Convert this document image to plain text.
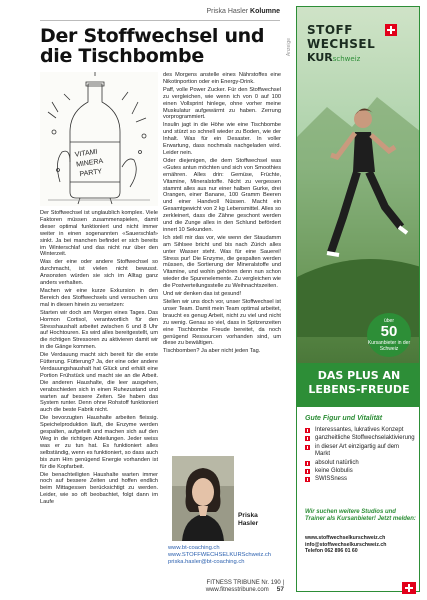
Priska Hasler Kolumne
Der Stoffwechsel und die Tischbombe
VITAMI
MINERA
PARTY

Der Stoffwechsel ist unglaublich komplex. Viele Faktoren müssen zusammenspielen, damit dieser optimal funktioniert und nicht immer weiter in einen sogenannten «Sauerschlaf» sinkt. Ja bei manchen befindet er sich bereits im Winterschlaf und das nicht nur über den Winterzeit.

Was der eine oder andere Stoffwechsel so durchmacht, ist vielen nicht bewusst. Ansonsten würden sie sich im Alltag ganz anders verhalten.

Machen wir eine kurze Exkursion in den Bereich des Stoffwechsels und versuchen uns mal in diesen hinein zu versetzen:

Starten wir doch am Morgen eines Tages. Das Hormon Cortisol, verantwortlich für den Stresshaushalt arbeitet zwischen 6 und 8 Uhr auf Hochtouren. Es wird alles bereitgestellt, um die richtigen Stressoren zu aktivieren damit wir in die Gänge kommen.

Die Verdauung macht sich bereit für die erste Fütterung. Fütterung? Ja, der eine oder andere Verdauungshaushalt hat Glück und erhält eine Portion Frühstück und macht sie an die Arbeit. Die anderen Haushalte, die leer ausgehen, verabschieden sich in einen Ruhezustand und warten auf bessere Zeiten. Sie haben das System runter. Denn ohne Rohstoff funktioniert auch die beste Fabrik nicht.

Die bevorzugten Haushalte arbeiten fleissig. Speichelproduktion läuft, die Enzyme werden gespalten, aufgeteilt und machen sich auf den Weg in die richtigen Abteilungen. Jeder weiss was er zu tun hat. Es funktioniert alles selbständig, wenn es funktioniert, so dass auch bis zum Hirn genügend Energie vorhanden ist für die Kopfarbeit.

Die benachteiligten Haushalte warten immer noch auf bessere Zeiten und hoffen endlich beim Mittagessen berücksichtigt zu werden. Leider, wie so oft beobachtet, folgt dann im Laufe

des Morgens anstelle eines Nährstoffes eine Nikotinportion oder ein Energy-Drink.

Paff, volle Power Zucker. Für den Stoffwechsel zu vergleichen, wie wenn ich von 0 auf 100 einen Vollsprint hinlege, ohne vorher meine Muskulatur aufgewärmt zu haben. Zerrung vorprogrammiert.

Insulin jagt in die Höhe wie eine Tischbombe und stürzt so schnell wieder zu Boden, wie der Inhalt. Was für ein Desaster. In voller Erwartung, dass nochmals nachgeladen wird. Leider nein.

Oder diejenigen, die dem Stoffwechsel was «Gutes antun möchten und sich von Smoothies ernähren. Alles drin: Gemüse, Früchte, Vitamine, Mineralstoffe. Nicht zu vergessen stammt alles aus nur einer halben Gurke, drei Orangen, einer Banane, 100 Gramm Beeren und einer Handvoll Nüssen. Macht ein Gesamtgewicht von 2 kg Lebensmittel. Alles so zerkleinert, dass die Zähne geschont werden und die Zunge alles in den Schlund befördert innert 10 Sekunden.

Ich stell mir das vor, wie wenn der Staudamm am Sihlsee bricht und bis nach Zürich alles unter Wasser steht. Was für eine Sauerei! Stress pur! Die Enzyme, die gespalten werden müssen, die Sortierung der Mineralstoffe und Vitamine, und wohin gehören denn nun schon wieder die Spurenelemente. Zu vergleichen wie die Postverteilungsstelle zu Weihnachtszeiten.

Und wir denken das ist gesund!

Stellen wir uns doch vor, unser Stoffwechsel ist unser Team. Damit mein Team optimal arbeitet, braucht es genug Arbeit, nicht zu viel und nicht zu wenig. Genau so viel, dass in Spitzenzeiten eine Tischbombe Freude bereitet, da noch genügend Ressourcen vorhanden sind, um diese zu bewältigen.

Tischbomben? Ja aber nicht jeden Tag.

Priska
Hasler
www.bt-coaching.ch
www.STOFFWECHSELKURSchweiz.ch
priska.hasler@bt-coaching.ch
FITNESS TRIBUNE Nr. 190 | www.fitnesstribune.com 57
Anzeige
STOFF
WECHSEL
KURschweiz
über
50
Kursanbieter in der Schweiz
DAS PLUS AN LEBENS-FREUDE
Gute Figur und Vitalität
Interessantes, lukratives Konzept
ganzheitliche Stoffwechselaktivierung
in dieser Art einzigartig auf dem Markt
absolut natürlich
keine Globulis
SWISSness
Wir suchen weitere Studios und Trainer als Kursanbieter! Jetzt melden:
www.stoffwechselkurschweiz.ch
info@stoffwechselkurschweiz.ch
Telefon 062 896 01 60
